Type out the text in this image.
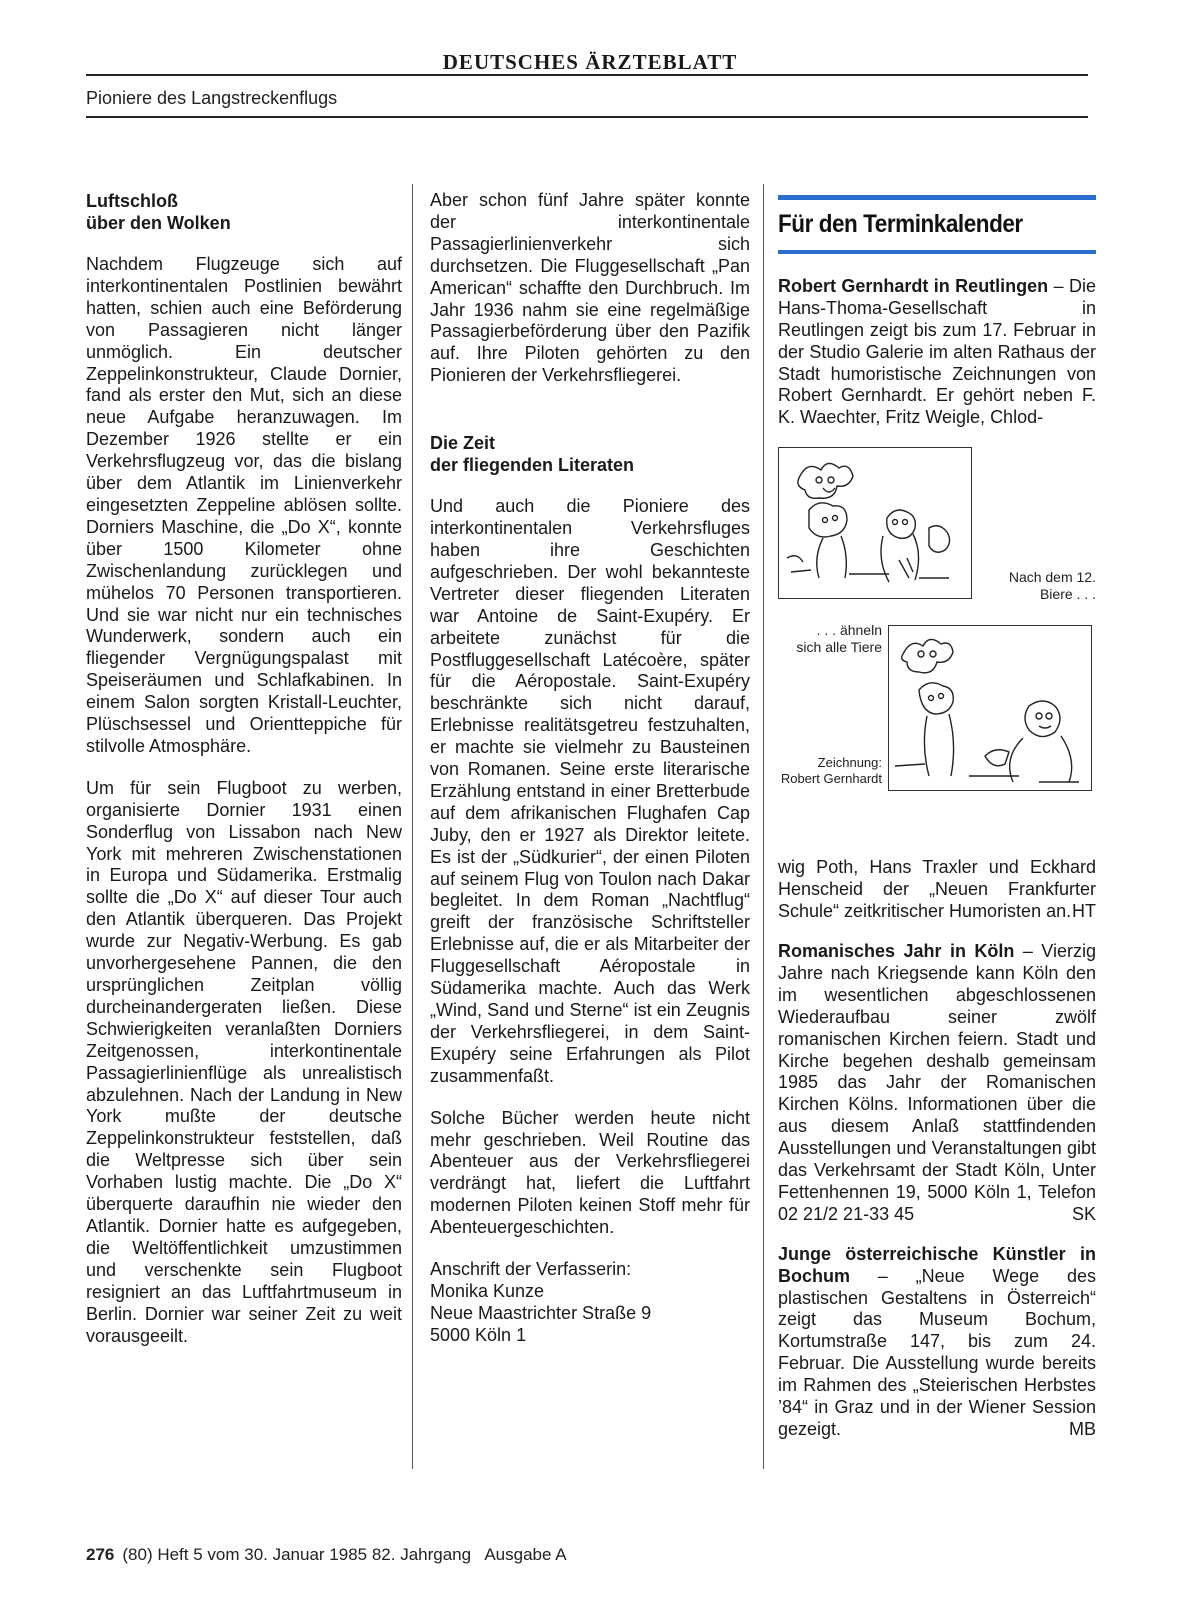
DEUTSCHES ÄRZTEBLATT
Pioniere des Langstreckenflugs
Luftschloß
über den Wolken

Nachdem Flugzeuge sich auf interkontinentalen Postlinien bewährt hatten, schien auch eine Beförderung von Passagieren nicht länger unmöglich. Ein deutscher Zeppelinkonstrukteur, Claude Dornier, fand als erster den Mut, sich an diese neue Aufgabe heranzuwagen. Im Dezember 1926 stellte er ein Verkehrsflugzeug vor, das die bislang über dem Atlantik im Linienverkehr eingesetzten Zeppeline ablösen sollte. Dorniers Maschine, die „Do X“, konnte über 1500 Kilometer ohne Zwischenlandung zurücklegen und mühelos 70 Personen transportieren. Und sie war nicht nur ein technisches Wunderwerk, sondern auch ein fliegender Vergnügungspalast mit Speiseräumen und Schlafkabinen. In einem Salon sorgten Kristall-Leuchter, Plüschsessel und Orientteppiche für stilvolle Atmosphäre.

Um für sein Flugboot zu werben, organisierte Dornier 1931 einen Sonderflug von Lissabon nach New York mit mehreren Zwischenstationen in Europa und Südamerika. Erstmalig sollte die „Do X“ auf dieser Tour auch den Atlantik überqueren. Das Projekt wurde zur Negativ-Werbung. Es gab unvorhergesehene Pannen, die den ursprünglichen Zeitplan völlig durcheinandergeraten ließen. Diese Schwierigkeiten veranlaßten Dorniers Zeitgenossen, interkontinentale Passagierlinienflüge als unrealistisch abzulehnen. Nach der Landung in New York mußte der deutsche Zeppelinkonstrukteur feststellen, daß die Weltpresse sich über sein Vorhaben lustig machte. Die „Do X“ überquerte daraufhin nie wieder den Atlantik. Dornier hatte es aufgegeben, die Weltöffentlichkeit umzustimmen und verschenkte sein Flugboot resigniert an das Luftfahrtmuseum in Berlin. Dornier war seiner Zeit zu weit vorausgeeilt.

Aber schon fünf Jahre später konnte der interkontinentale Passagierlinienverkehr sich durchsetzen. Die Fluggesellschaft „Pan American“ schaffte den Durchbruch. Im Jahr 1936 nahm sie eine regelmäßige Passagierbeförderung über den Pazifik auf. Ihre Piloten gehörten zu den Pionieren der Verkehrsfliegerei.

Die Zeit
der fliegenden Literaten

Und auch die Pioniere des interkontinentalen Verkehrsfluges haben ihre Geschichten aufgeschrieben. Der wohl bekannteste Vertreter dieser fliegenden Literaten war Antoine de Saint-Exupéry. Er arbeitete zunächst für die Postfluggesellschaft Latécoère, später für die Aéropostale. Saint-Exupéry beschränkte sich nicht darauf, Erlebnisse realitätsgetreu festzuhalten, er machte sie vielmehr zu Bausteinen von Romanen. Seine erste literarische Erzählung entstand in einer Bretterbude auf dem afrikanischen Flughafen Cap Juby, den er 1927 als Direktor leitete. Es ist der „Südkurier“, der einen Piloten auf seinem Flug von Toulon nach Dakar begleitet. In dem Roman „Nachtflug“ greift der französische Schriftsteller Erlebnisse auf, die er als Mitarbeiter der Fluggesellschaft Aéropostale in Südamerika machte. Auch das Werk „Wind, Sand und Sterne“ ist ein Zeugnis der Verkehrsfliegerei, in dem Saint-Exupéry seine Erfahrungen als Pilot zusammenfaßt.

Solche Bücher werden heute nicht mehr geschrieben. Weil Routine das Abenteuer aus der Verkehrsfliegerei verdrängt hat, liefert die Luftfahrt modernen Piloten keinen Stoff mehr für Abenteuergeschichten.

Anschrift der Verfasserin:
Monika Kunze
Neue Maastrichter Straße 9
5000 Köln 1

Für den Terminkalender

Robert Gernhardt in Reutlingen – Die Hans-Thoma-Gesellschaft in Reutlingen zeigt bis zum 17. Februar in der Studio Galerie im alten Rathaus der Stadt humoristische Zeichnungen von Robert Gernhardt. Er gehört neben F. K. Waechter, Fritz Weigle, Chlod-

Nach dem 12.
Biere . . .
. . . ähneln
sich alle Tiere
Zeichnung:
Robert Gernhardt

wig Poth, Hans Traxler und Eckhard Henscheid der „Neuen Frankfurter Schule“ zeitkritischer Humoristen an. HT

Romanisches Jahr in Köln – Vierzig Jahre nach Kriegsende kann Köln den im wesentlichen abgeschlossenen Wiederaufbau seiner zwölf romanischen Kirchen feiern. Stadt und Kirche begehen deshalb gemeinsam 1985 das Jahr der Romanischen Kirchen Kölns. Informationen über die aus diesem Anlaß stattfindenden Ausstellungen und Veranstaltungen gibt das Verkehrsamt der Stadt Köln, Unter Fettenhennen 19, 5000 Köln 1, Telefon 02 21/2 21-33 45	SK

Junge österreichische Künstler in Bochum – „Neue Wege des plastischen Gestaltens in Österreich“ zeigt das Museum Bochum, Kortumstraße 147, bis zum 24. Februar. Die Ausstellung wurde bereits im Rahmen des „Steierischen Herbstes ’84“ in Graz und in der Wiener Session gezeigt.	MB

276 (80) Heft 5 vom 30. Januar 1985 82. Jahrgang   Ausgabe A
